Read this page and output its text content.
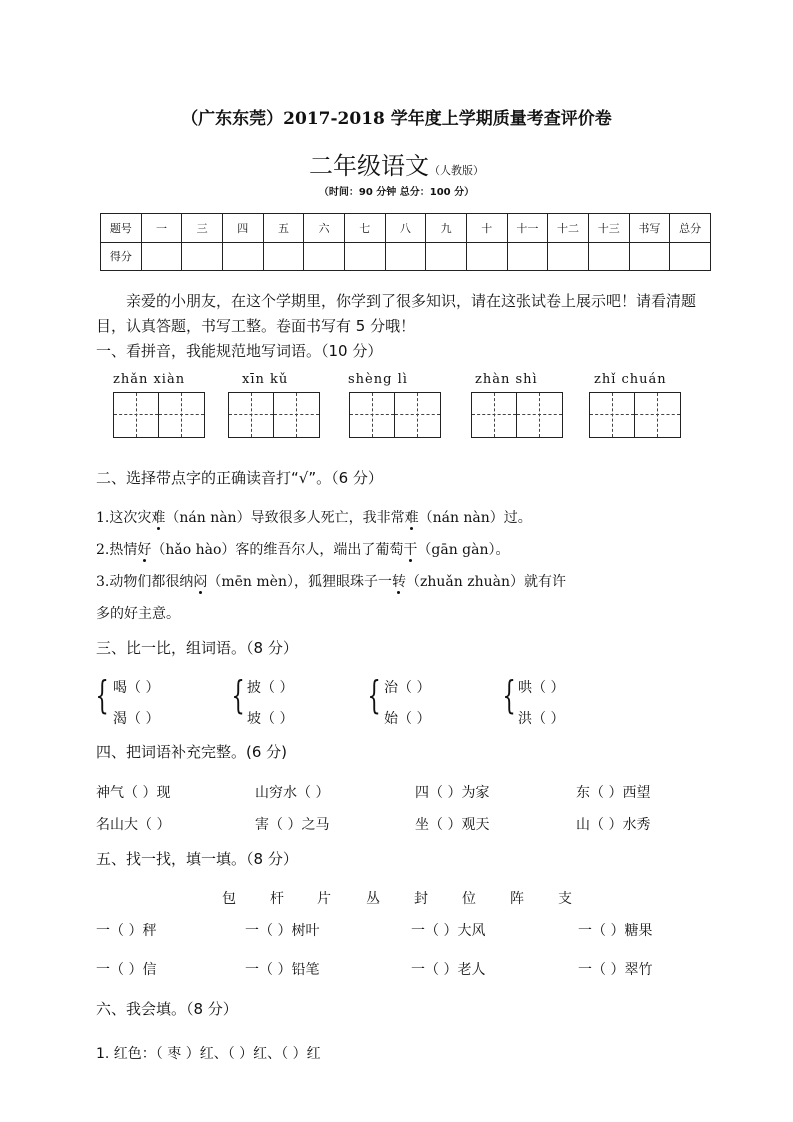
（广东东莞）2017-2018 学年度上学期质量考查评价卷
二年级语文（人教版）
（时间：90 分钟 总分：100 分）
题号	一	三	四	五	六	七	八	九	十	十一	十二	十三	书写	总分
得分														
亲爱的小朋友，在这个学期里，你学到了很多知识，请在这张试卷上展示吧！请看清题目，认真答题，书写工整。卷面书写有 5 分哦！
一、看拼音，我能规范地写词语。（10 分）
zhǎn xiàn	xīn kǔ	shèng lì	zhàn shì	zhǐ chuán
二、选择带点字的正确读音打“√”。（6 分）
1.这次灾难（nán nàn）导致很多人死亡，我非常难（nán nàn）过。
2.热情好（hǎo hào）客的维吾尔人，端出了葡萄干（gān gàn）。
3.动物们都很纳闷（mēn mèn），狐狸眼珠子一转（zhuǎn zhuàn）就有许
多的好主意。
三、比一比，组词语。（8 分）
{ 喝（ ）
渴（ ）
{ 披（ ）
坡（ ）
{ 治（ ）
始（ ）
{ 哄（ ）
洪（ ）
四、把词语补充完整。(6 分)
神气（ ）现	山穷水（ ）	四（ ）为家	东（ ）西望
名山大（ ）	害（ ）之马	坐（ ）观天	山（ ）水秀
五、找一找，填一填。（8 分）
包 杆 片	丛 封 位 阵 支
一（ ）秤	一（ ）树叶	一（ ）大风	一（ ）糖果
一（ ）信	一（ ）铅笔	一（ ）老人	一（ ）翠竹
六、我会填。（8 分）
1. 红色：（ 枣 ）红、（ ）红、（ ）红
